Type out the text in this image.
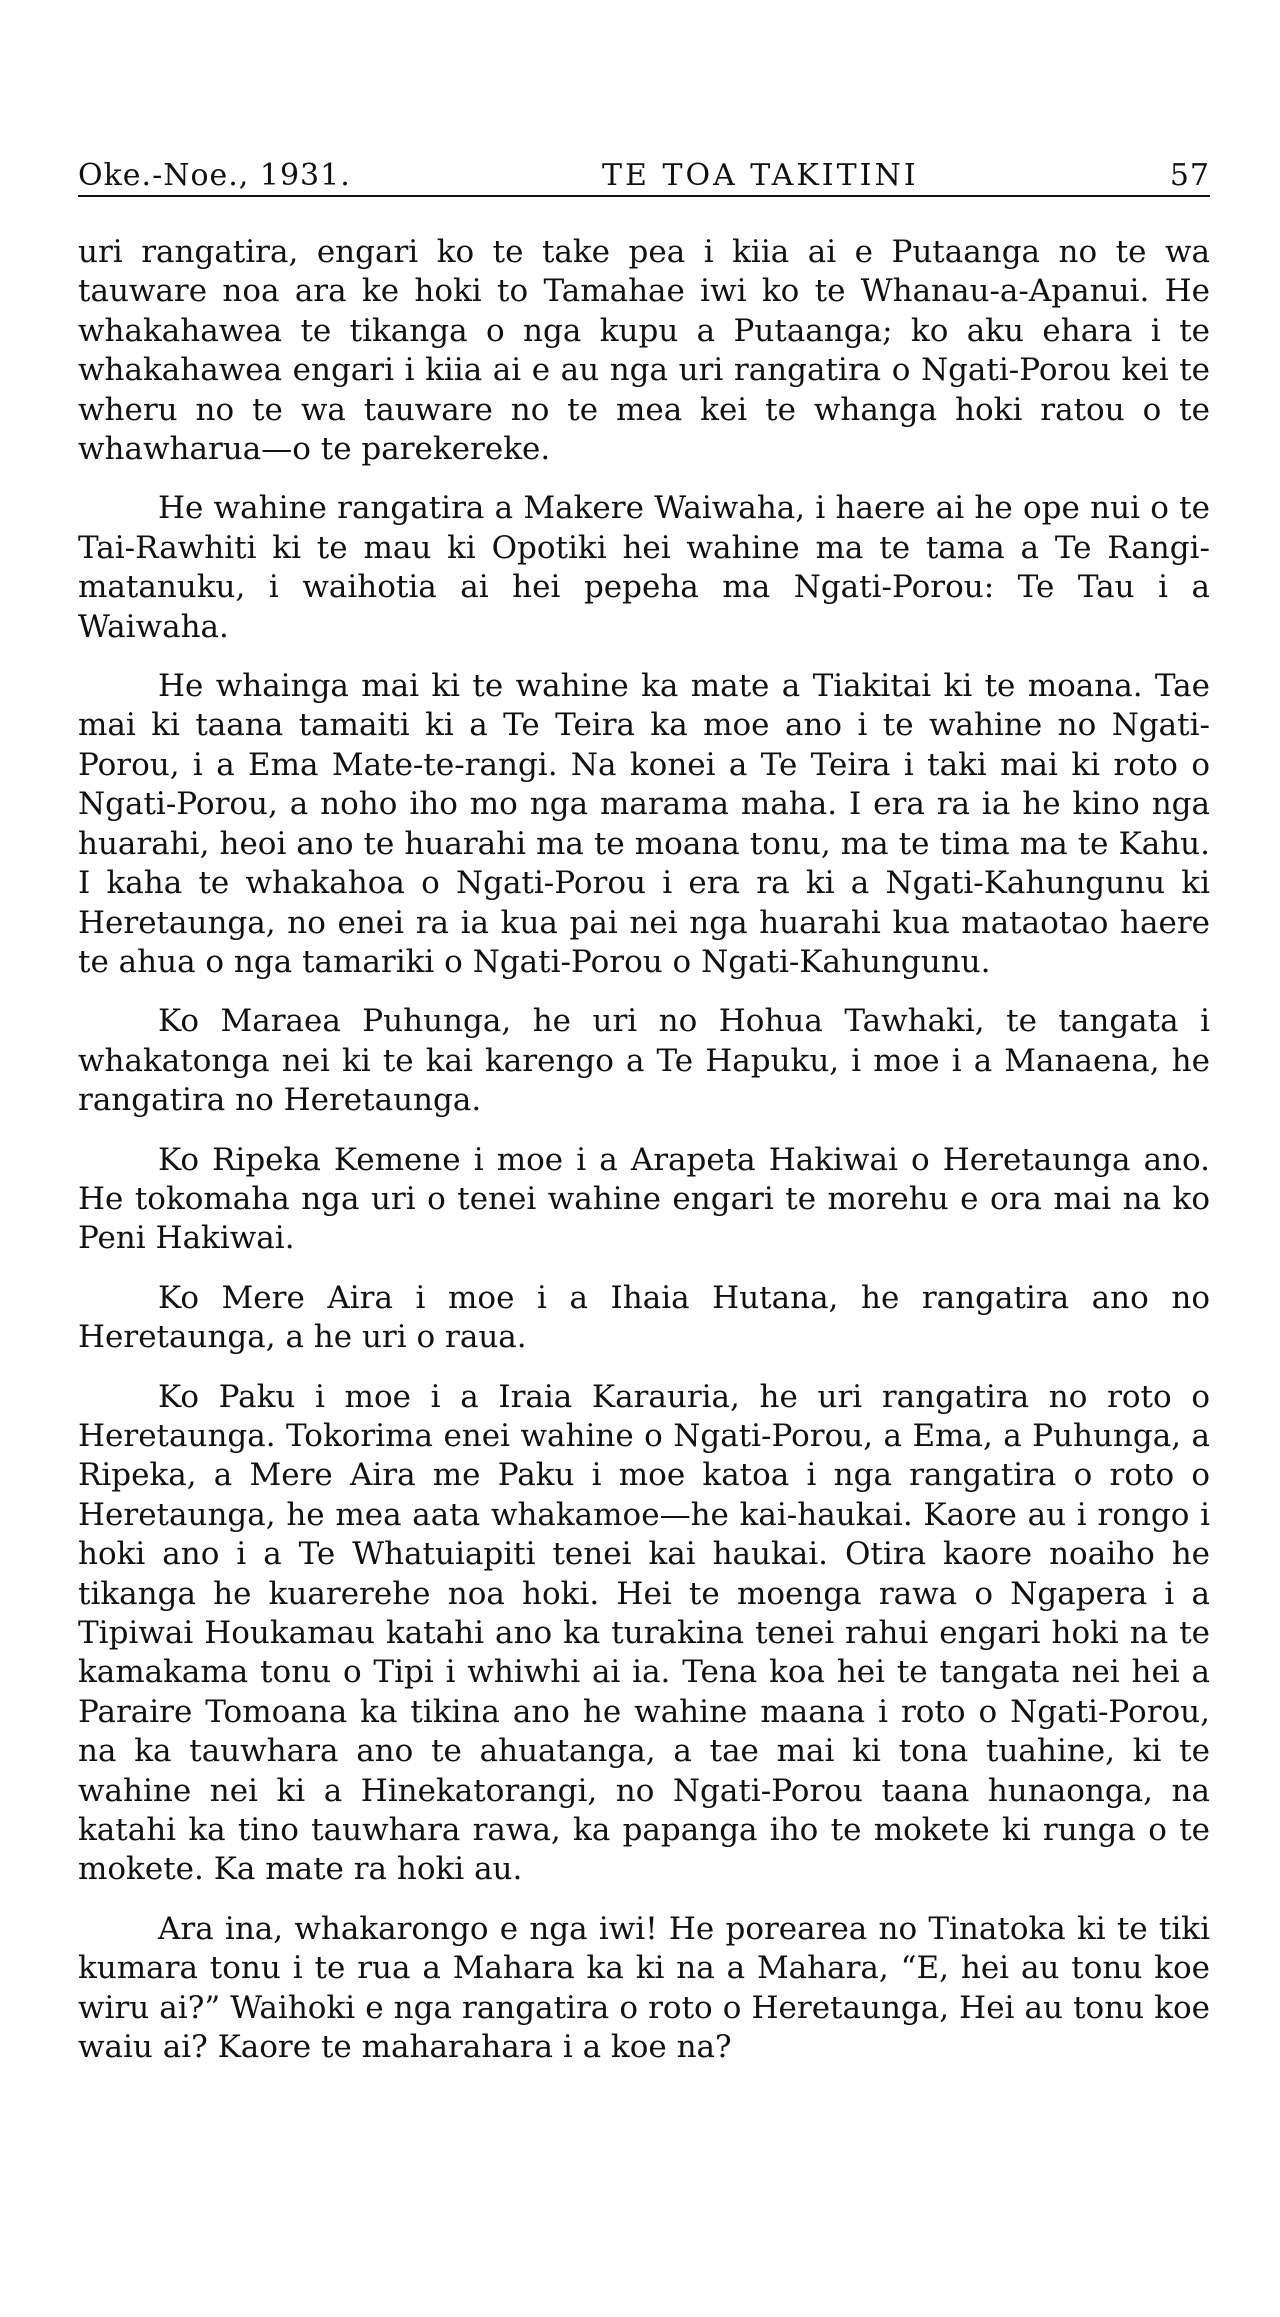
Oke.-Noe., 1931.	TE TOA TAKITINI	57

uri rangatira, engari ko te take pea i kiia ai e Putaanga no te wa tauware noa ara ke hoki to Tamahae iwi ko te Whanau-a-Apanui. He whakahawea te tikanga o nga kupu a Putaanga; ko aku ehara i te whakahawea engari i kiia ai e au nga uri rangatira o Ngati-Porou kei te wheru no te wa tauware no te mea kei te whanga hoki ratou o te whawharua—o te parekereke.

He wahine rangatira a Makere Waiwaha, i haere ai he ope nui o te Tai-Rawhiti ki te mau ki Opotiki hei wahine ma te tama a Te Rangi-matanuku, i waihotia ai hei pepeha ma Ngati-Porou: Te Tau i a Waiwaha.

He whainga mai ki te wahine ka mate a Tiakitai ki te moana. Tae mai ki taana tamaiti ki a Te Teira ka moe ano i te wahine no Ngati-Porou, i a Ema Mate-te-rangi. Na konei a Te Teira i taki mai ki roto o Ngati-Porou, a noho iho mo nga marama maha. I era ra ia he kino nga huarahi, heoi ano te huarahi ma te moana tonu, ma te tima ma te Kahu. I kaha te whakahoa o Ngati-Porou i era ra ki a Ngati-Kahungunu ki Heretaunga, no enei ra ia kua pai nei nga huarahi kua mataotao haere te ahua o nga tamariki o Ngati-Porou o Ngati-Kahungunu.

Ko Maraea Puhunga, he uri no Hohua Tawhaki, te tangata i whakatonga nei ki te kai karengo a Te Hapuku, i moe i a Manaena, he rangatira no Heretaunga.

Ko Ripeka Kemene i moe i a Arapeta Hakiwai o Heretaunga ano. He tokomaha nga uri o tenei wahine engari te morehu e ora mai na ko Peni Hakiwai.

Ko Mere Aira i moe i a Ihaia Hutana, he rangatira ano no Heretaunga, a he uri o raua.

Ko Paku i moe i a Iraia Karauria, he uri rangatira no roto o Heretaunga. Tokorima enei wahine o Ngati-Porou, a Ema, a Puhunga, a Ripeka, a Mere Aira me Paku i moe katoa i nga rangatira o roto o Heretaunga, he mea aata whakamoe—he kai-haukai. Kaore au i rongo i hoki ano i a Te Whatuiapiti tenei kai haukai. Otira kaore noaiho he tikanga he kuarerehe noa hoki. Hei te moenga rawa o Ngapera i a Tipiwai Houkamau katahi ano ka turakina tenei rahui engari hoki na te kamakama tonu o Tipi i whiwhi ai ia. Tena koa hei te tangata nei hei a Paraire Tomoana ka tikina ano he wahine maana i roto o Ngati-Porou, na ka tauwhara ano te ahuatanga, a tae mai ki tona tuahine, ki te wahine nei ki a Hinekatorangi, no Ngati-Porou taana hunaonga, na katahi ka tino tauwhara rawa, ka papanga iho te mokete ki runga o te mokete. Ka mate ra hoki au.

Ara ina, whakarongo e nga iwi! He porearea no Tinatoka ki te tiki kumara tonu i te rua a Mahara ka ki na a Mahara, “E, hei au tonu koe wiru ai?” Waihoki e nga rangatira o roto o Heretaunga, Hei au tonu koe waiu ai? Kaore te maharahara i a koe na?
